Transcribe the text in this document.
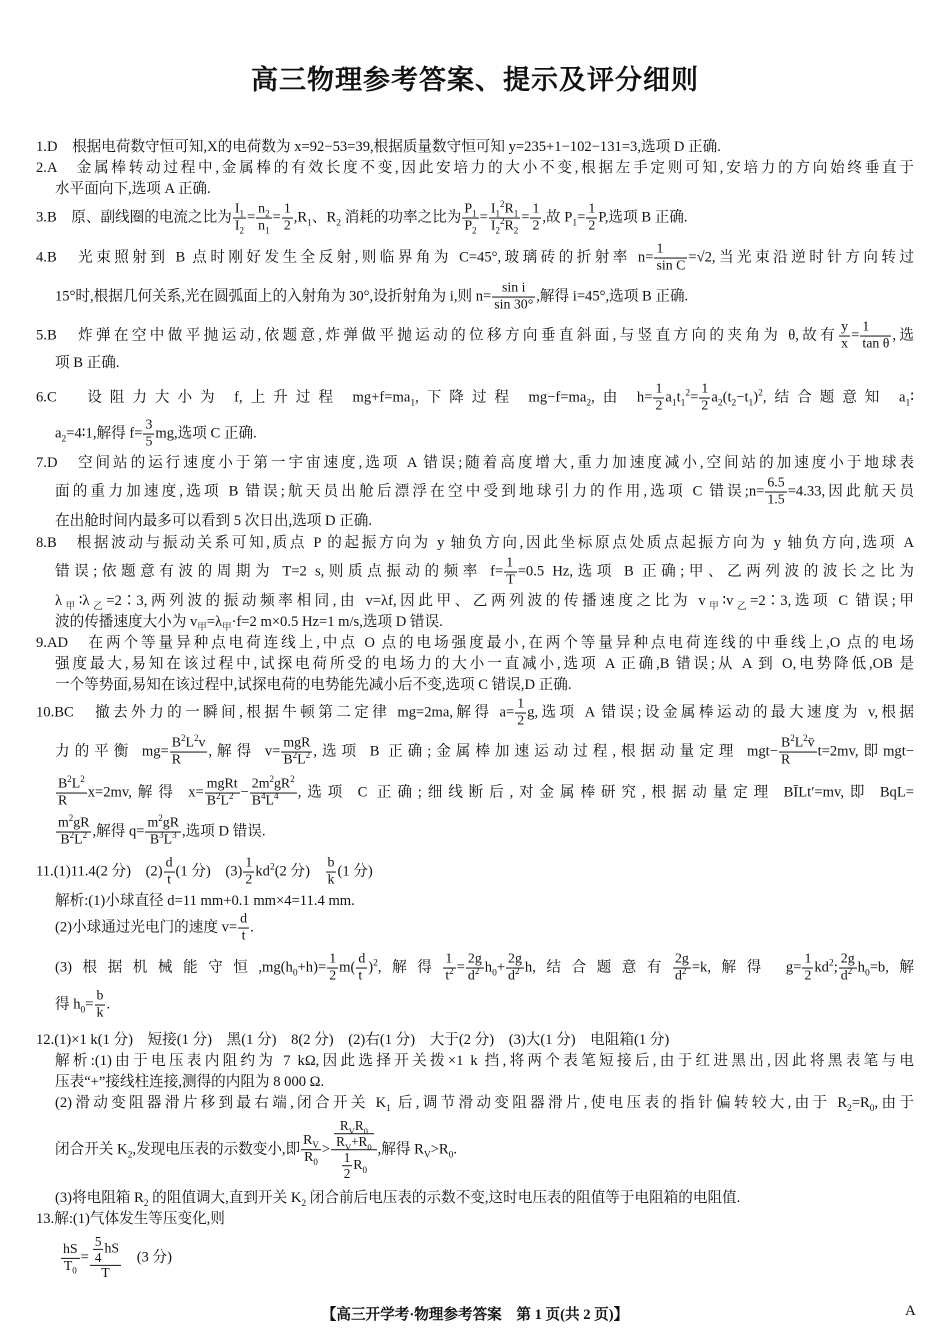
高三物理参考答案、提示及评分细则
1.D　根据电荷数守恒可知,X的电荷数为 x=92−53=39,根据质量数守恒可知 y=235+1−102−131=3,选项 D 正确.
2.A　金属棒转动过程中,金属棒的有效长度不变,因此安培力的大小不变,根据左手定则可知,安培力的方向始终垂直于
水平面向下,选项 A 正确.
3.B　原、副线圈的电流之比为 $\frac{I_1}{I_2} = \frac{n_2}{n_1} = \frac{1}{2} ,R_1$、$R_2$ 消耗的功率之比为 $\frac{P_1}{P_2} = \frac{I_1^2R_1}{I_2^2R_2} = \frac{1}{2}$ ,故 $P_1= \frac{1}{2} P$,选项 B 正确.
4.B　光束照射到 B 点时刚好发生全反射,则临界角为 C=45°,玻璃砖的折射率 $n= \frac{1}{\text{sin C}} =√2$,当光束沿逆时针方向转过
15°时,根据几何关系,光在圆弧面上的入射角为 30°,设折射角为 i,则 $n= \frac{\text{sin i}}{\sin 30^\circ}$ ,解得 i=45°,选项 B 正确.
5.B　炸弹在空中做平抛运动,依题意,炸弹做平抛运动的位移方向垂直斜面,与竖直方向的夹角为 θ,故有 $\frac{y}{x} = \frac{1}{\text{tan θ}}$ ,选
项 B 正确.
6.C　设阻力大小为 f,上升过程 $mg+f=ma_1$,下降过程 $mg-f=ma_2$,由 $h= \frac{1}{2} a_1t_1^2= \frac{1}{2} a_2(t_2-t_1)^2$,结合题意知 $a_1∶$
$a_2=4∶1$,解得 $f= \frac{3}{5}$ mg,选项 C 正确.
7.D　空间站的运行速度小于第一宇宙速度,选项 A 错误;随着高度增大,重力加速度减小,空间站的加速度小于地球表
面的重力加速度,选项 B 错误;航天员出舱后漂浮在空中受到地球引力的作用,选项 C 错误;n= $\frac{6.5}{1.5} =4.33$,因此航天员
在出舱时间内最多可以看到 5 次日出,选项 D 正确.
8.B　根据波动与振动关系可知,质点 P 的起振方向为 y 轴负方向,因此坐标原点处质点起振方向为 y 轴负方向,选项 A
错误;依题意有波的周期为 T=2 s,则质点振动的频率 $f= \frac{1}{T} =0.5$ Hz,选项 B 正确;甲、乙两列波的波长之比为
$\lambda_甲∶\lambda_乙=2∶3$,两列波的振动频率相同,由 v=λf,因此甲、乙两列波的传播速度之比为 $v_甲∶v_乙=2∶3$,选项 C 错误;甲
波的传播速度大小为 $v_甲=\lambda_甲\cdot f=2$ m×0.5 Hz=1 m/s,选项 D 错误.
9.AD　在两个等量异种点电荷连线上,中点 O 点的电场强度最小,在两个等量异种点电荷连线的中垂线上,O 点的电场
强度最大,易知在该过程中,试探电荷所受的电场力的大小一直减小,选项 A 正确,B 错误;从 A 到 O,电势降低,OB 是
一个等势面,易知在该过程中,试探电荷的电势能先减小后不变,选项 C 错误,D 正确.
10.BC　撤去外力的一瞬间,根据牛顿第二定律 mg=2ma,解得 $a= \frac{1}{2} g$,选项 A 错误;设金属棒运动的最大速度为 v,根据
力的平衡 $mg= \frac{B^2L^2v}{R}$ ,解得 $v= \frac{\text{mgR}}{B^2L^2}$ ,选项 B 正确;金属棒加速运动过程,根据动量定理 $mgt- \frac{B^2L^2v̄}{R} t=2mv$,即mgt−
$\frac{B^2L^2}{R} x=2mv$,解得 $x= \frac{\text{mgRt}}{B^2L^2} - \frac{2m^2gR^2}{B^4L^4}$ ,选项 C 正确;细线断后,对金属棒研究,根据动量定理 BĪLt′=mv,即 BqL=
$\frac{m^2gR}{B^2L^2}$ ,解得 $q= \frac{m^2gR}{B^3L^3}$ ,选项 D 错误.
11.(1)11.4(2 分)　$(2) \frac{d}{t} (1$ 分)　$(3) \frac{1}{2} kd^2(2$ 分)　 $\frac{b}{k} (1$ 分)
解析:(1)小球直径 d=11 mm+0.1 mm×4=11.4 mm.
(2)小球通过光电门的速度 $v= \frac{d}{t}$ .
(3)根据机械能守恒$,mg(h_0+h)= \frac{1}{2} m( \frac{d}{t} )^2$,解得 $\frac{1}{t^2} = \frac{2g}{d^2} h_0+ \frac{2g}{d^2} h$,结合题意有 $\frac{2g}{d^2} =k$,解得 $g= \frac{1}{2} kd^2$; $\frac{2g}{d^2} h_0=b$,解
得 $h_0= \frac{b}{k}$ .
12.(1)×1 k(1 分)　短接(1 分)　黑(1 分)　8(2 分)　(2)右(1 分)　大于(2 分)　(3)大(1 分)　电阻箱(1 分)
解析:(1)由于电压表内阻约为 7 kΩ,因此选择开关拨×1 k 挡,将两个表笔短接后,由于红进黑出,因此将黑表笔与电
压表“+”接线柱连接,测得的内阻为 8 000 Ω.
(2)滑动变阻器滑片移到最右端,闭合开关 $K_1$ 后,调节滑动变阻器滑片,使电压表的指针偏转较大,由于 $R_2=R_0$,由于
闭合开关 $K_2$,发现电压表的示数变小,即 $\frac{R_V}{R_0} > \frac{\frac{R_VR_0}{R_V+R_0}}{\frac{1}{2} R_0}$ ,解得 $R_V>R_0$.
(3)将电阻箱 $R_2$ 的阻值调大,直到开关 $K_2$ 闭合前后电压表的示数不变,这时电压表的阻值等于电阻箱的电阻值.
13.解:(1)气体发生等压变化,则
$\frac{hS}{T_0} = \frac{\frac{5}{4} hS}{T}$ 　(3 分)
【高三开学考·物理参考答案　第 1 页(共 2 页)】	A
